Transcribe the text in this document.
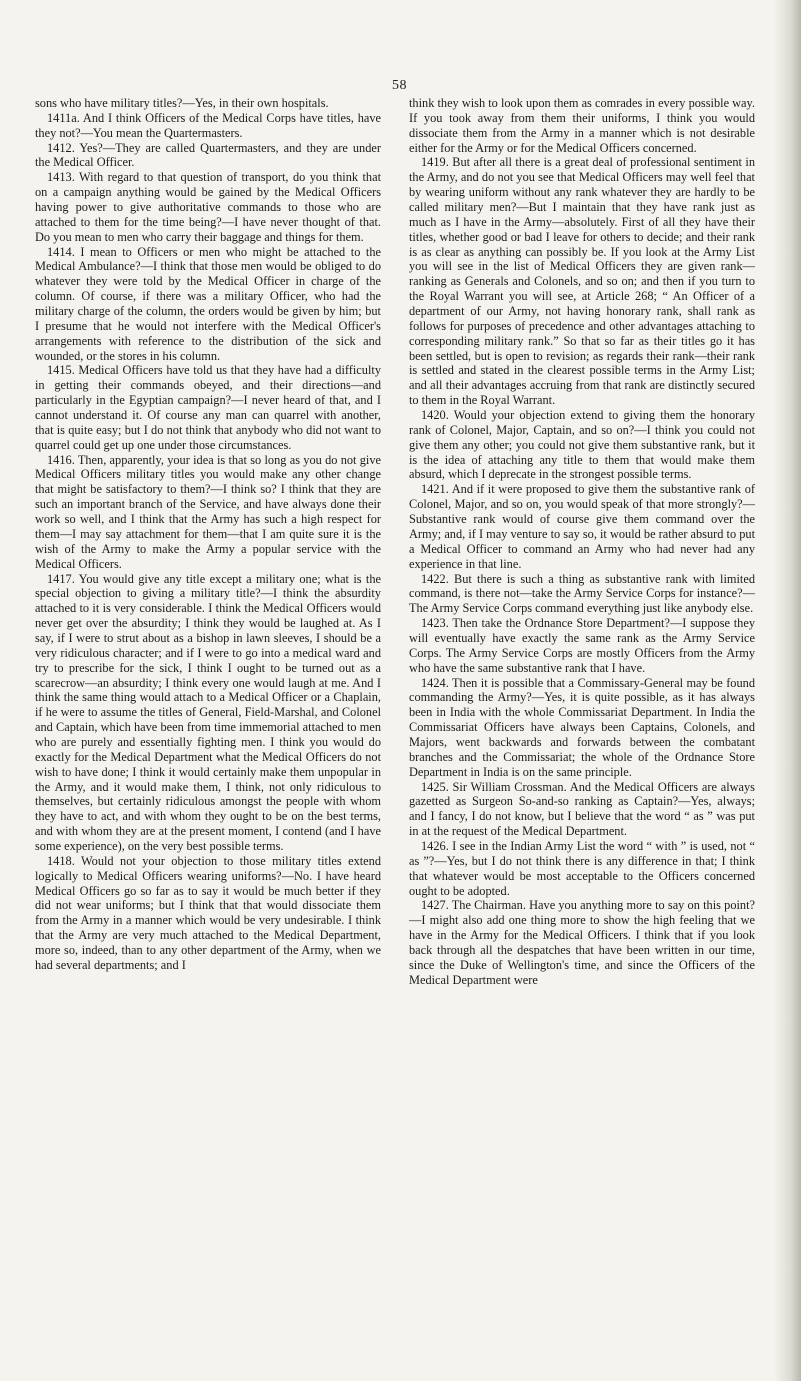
58

sons who have military titles?—Yes, in their own hospitals.

1411a. And I think Officers of the Medical Corps have titles, have they not?—You mean the Quartermasters.

1412. Yes?—They are called Quartermasters, and they are under the Medical Officer.

1413. With regard to that question of transport, do you think that on a campaign anything would be gained by the Medical Officers having power to give authoritative commands to those who are attached to them for the time being?—I have never thought of that. Do you mean to men who carry their baggage and things for them.

1414. I mean to Officers or men who might be attached to the Medical Ambulance?—I think that those men would be obliged to do whatever they were told by the Medical Officer in charge of the column. Of course, if there was a military Officer, who had the military charge of the column, the orders would be given by him; but I presume that he would not interfere with the Medical Officer's arrangements with reference to the distribution of the sick and wounded, or the stores in his column.

1415. Medical Officers have told us that they have had a difficulty in getting their commands obeyed, and their directions—and particularly in the Egyptian campaign?—I never heard of that, and I cannot understand it. Of course any man can quarrel with another, that is quite easy; but I do not think that anybody who did not want to quarrel could get up one under those circumstances.

1416. Then, apparently, your idea is that so long as you do not give Medical Officers military titles you would make any other change that might be satisfactory to them?—I think so? I think that they are such an important branch of the Service, and have always done their work so well, and I think that the Army has such a high respect for them—I may say attachment for them—that I am quite sure it is the wish of the Army to make the Army a popular service with the Medical Officers.

1417. You would give any title except a military one; what is the special objection to giving a military title?—I think the absurdity attached to it is very considerable. I think the Medical Officers would never get over the absurdity; I think they would be laughed at. As I say, if I were to strut about as a bishop in lawn sleeves, I should be a very ridiculous character; and if I were to go into a medical ward and try to prescribe for the sick, I think I ought to be turned out as a scarecrow—an absurdity; I think every one would laugh at me. And I think the same thing would attach to a Medical Officer or a Chaplain, if he were to assume the titles of General, Field-Marshal, and Colonel and Captain, which have been from time immemorial attached to men who are purely and essentially fighting men. I think you would do exactly for the Medical Department what the Medical Officers do not wish to have done; I think it would certainly make them unpopular in the Army, and it would make them, I think, not only ridiculous to themselves, but certainly ridiculous amongst the people with whom they have to act, and with whom they ought to be on the best terms, and with whom they are at the present moment, I contend (and I have some experience), on the very best possible terms.

1418. Would not your objection to those military titles extend logically to Medical Officers wearing uniforms?—No. I have heard Medical Officers go so far as to say it would be much better if they did not wear uniforms; but I think that that would dissociate them from the Army in a manner which would be very undesirable. I think that the Army are very much attached to the Medical Department, more so, indeed, than to any other department of the Army, when we had several departments; and I

think they wish to look upon them as comrades in every possible way. If you took away from them their uniforms, I think you would dissociate them from the Army in a manner which is not desirable either for the Army or for the Medical Officers concerned.

1419. But after all there is a great deal of professional sentiment in the Army, and do not you see that Medical Officers may well feel that by wearing uniform without any rank whatever they are hardly to be called military men?—But I maintain that they have rank just as much as I have in the Army—absolutely. First of all they have their titles, whether good or bad I leave for others to decide; and their rank is as clear as anything can possibly be. If you look at the Army List you will see in the list of Medical Officers they are given rank—ranking as Generals and Colonels, and so on; and then if you turn to the Royal Warrant you will see, at Article 268; “ An Officer of a department of our Army, not having honorary rank, shall rank as follows for purposes of precedence and other advantages attaching to corresponding military rank.” So that so far as their titles go it has been settled, but is open to revision; as regards their rank—their rank is settled and stated in the clearest possible terms in the Army List; and all their advantages accruing from that rank are distinctly secured to them in the Royal Warrant.

1420. Would your objection extend to giving them the honorary rank of Colonel, Major, Captain, and so on?—I think you could not give them any other; you could not give them substantive rank, but it is the idea of attaching any title to them that would make them absurd, which I deprecate in the strongest possible terms.

1421. And if it were proposed to give them the substantive rank of Colonel, Major, and so on, you would speak of that more strongly?—Substantive rank would of course give them command over the Army; and, if I may venture to say so, it would be rather absurd to put a Medical Officer to command an Army who had never had any experience in that line.

1422. But there is such a thing as substantive rank with limited command, is there not—take the Army Service Corps for instance?—The Army Service Corps command everything just like anybody else.

1423. Then take the Ordnance Store Department?—I suppose they will eventually have exactly the same rank as the Army Service Corps. The Army Service Corps are mostly Officers from the Army who have the same substantive rank that I have.

1424. Then it is possible that a Commissary-General may be found commanding the Army?—Yes, it is quite possible, as it has always been in India with the whole Commissariat Department. In India the Commissariat Officers have always been Captains, Colonels, and Majors, went backwards and forwards between the combatant branches and the Commissariat; the whole of the Ordnance Store Department in India is on the same principle.

1425. Sir William Crossman. And the Medical Officers are always gazetted as Surgeon So-and-so ranking as Captain?—Yes, always; and I fancy, I do not know, but I believe that the word “ as ” was put in at the request of the Medical Department.

1426. I see in the Indian Army List the word “ with ” is used, not “ as ”?—Yes, but I do not think there is any difference in that; I think that whatever would be most acceptable to the Officers concerned ought to be adopted.

1427. The Chairman. Have you anything more to say on this point?—I might also add one thing more to show the high feeling that we have in the Army for the Medical Officers. I think that if you look back through all the despatches that have been written in our time, since the Duke of Wellington's time, and since the Officers of the Medical Department were
